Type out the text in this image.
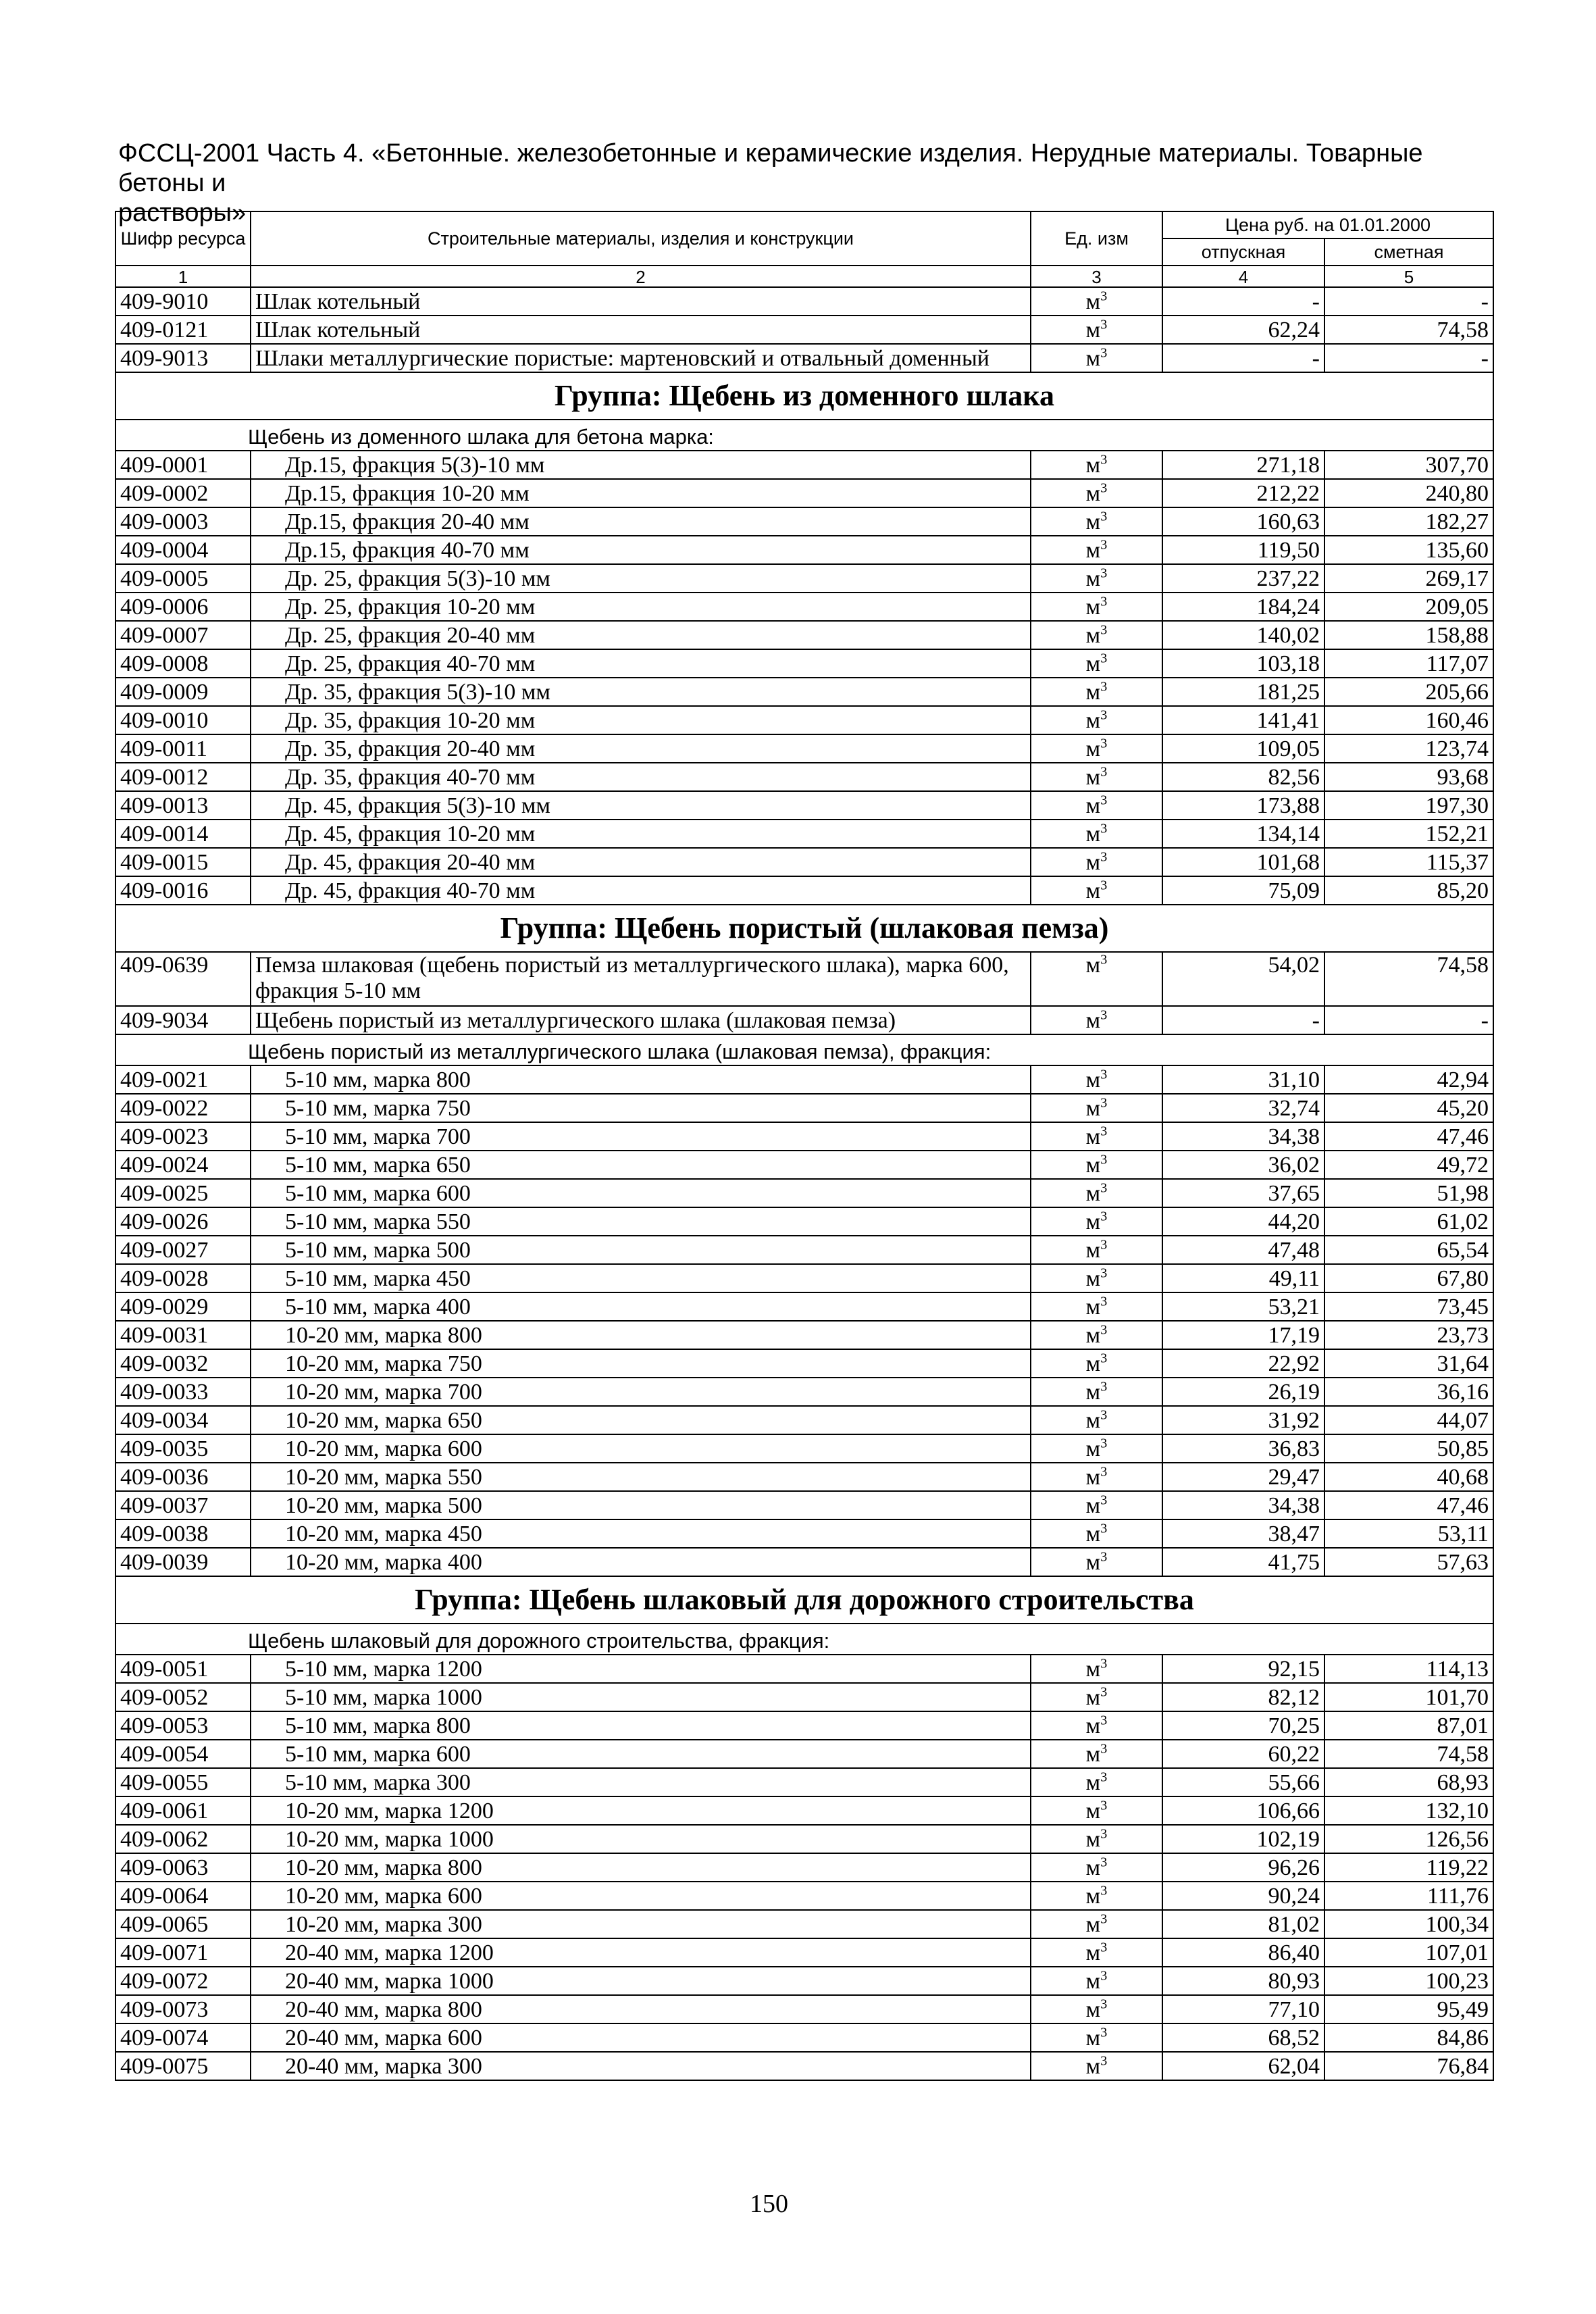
ФССЦ-2001 Часть 4. «Бетонные. железобетонные и керамические изделия. Нерудные материалы. Товарные бетоны и
растворы»
Шифр ресурса	Строительные материалы, изделия и конструкции	Ед. изм	Цена руб. на 01.01.2000	
			отпускная	сметная
1	2	3	4	5
409-9010	Шлак котельный	$м^3$	-	-
409-0121	Шлак котельный	$м^3$	62,24	74,58
409-9013	Шлаки металлургические пористые: мартеновский и отвальный доменный	$м^3$	-	-
Группа: Щебень из доменного шлака				
Щебень из доменного шлака для бетона марка:				
409-0001	Др.15, фракция 5(3)-10 мм	$м^3$	271,18	307,70
409-0002	Др.15, фракция 10-20 мм	$м^3$	212,22	240,80
409-0003	Др.15, фракция 20-40 мм	$м^3$	160,63	182,27
409-0004	Др.15, фракция 40-70 мм	$м^3$	119,50	135,60
409-0005	Др. 25, фракция 5(3)-10 мм	$м^3$	237,22	269,17
409-0006	Др. 25, фракция 10-20 мм	$м^3$	184,24	209,05
409-0007	Др. 25, фракция 20-40 мм	$м^3$	140,02	158,88
409-0008	Др. 25, фракция 40-70 мм	$м^3$	103,18	117,07
409-0009	Др. 35, фракция 5(3)-10 мм	$м^3$	181,25	205,66
409-0010	Др. 35, фракция 10-20 мм	$м^3$	141,41	160,46
409-0011	Др. 35, фракция 20-40 мм	$м^3$	109,05	123,74
409-0012	Др. 35, фракция 40-70 мм	$м^3$	82,56	93,68
409-0013	Др. 45, фракция 5(3)-10 мм	$м^3$	173,88	197,30
409-0014	Др. 45, фракция 10-20 мм	$м^3$	134,14	152,21
409-0015	Др. 45, фракция 20-40 мм	$м^3$	101,68	115,37
409-0016	Др. 45, фракция 40-70 мм	$м^3$	75,09	85,20
Группа: Щебень пористый (шлаковая пемза)				
409-0639	Пемза шлаковая (щебень пористый из металлургического шлака), марка 600, фракция 5-10 мм	$м^3$	54,02	74,58
409-9034	Щебень пористый из металлургического шлака (шлаковая пемза)	$м^3$	-	-
Щебень пористый из металлургического шлака (шлаковая пемза), фракция:				
409-0021	5-10 мм, марка 800	$м^3$	31,10	42,94
409-0022	5-10 мм, марка 750	$м^3$	32,74	45,20
409-0023	5-10 мм, марка 700	$м^3$	34,38	47,46
409-0024	5-10 мм, марка 650	$м^3$	36,02	49,72
409-0025	5-10 мм, марка 600	$м^3$	37,65	51,98
409-0026	5-10 мм, марка 550	$м^3$	44,20	61,02
409-0027	5-10 мм, марка 500	$м^3$	47,48	65,54
409-0028	5-10 мм, марка 450	$м^3$	49,11	67,80
409-0029	5-10 мм, марка 400	$м^3$	53,21	73,45
409-0031	10-20 мм, марка 800	$м^3$	17,19	23,73
409-0032	10-20 мм, марка 750	$м^3$	22,92	31,64
409-0033	10-20 мм, марка 700	$м^3$	26,19	36,16
409-0034	10-20 мм, марка 650	$м^3$	31,92	44,07
409-0035	10-20 мм, марка 600	$м^3$	36,83	50,85
409-0036	10-20 мм, марка 550	$м^3$	29,47	40,68
409-0037	10-20 мм, марка 500	$м^3$	34,38	47,46
409-0038	10-20 мм, марка 450	$м^3$	38,47	53,11
409-0039	10-20 мм, марка 400	$м^3$	41,75	57,63
Группа: Щебень шлаковый для дорожного строительства				
Щебень шлаковый для дорожного строительства, фракция:				
409-0051	5-10 мм, марка 1200	$м^3$	92,15	114,13
409-0052	5-10 мм, марка 1000	$м^3$	82,12	101,70
409-0053	5-10 мм, марка 800	$м^3$	70,25	87,01
409-0054	5-10 мм, марка 600	$м^3$	60,22	74,58
409-0055	5-10 мм, марка 300	$м^3$	55,66	68,93
409-0061	10-20 мм, марка 1200	$м^3$	106,66	132,10
409-0062	10-20 мм, марка 1000	$м^3$	102,19	126,56
409-0063	10-20 мм, марка 800	$м^3$	96,26	119,22
409-0064	10-20 мм, марка 600	$м^3$	90,24	111,76
409-0065	10-20 мм, марка 300	$м^3$	81,02	100,34
409-0071	20-40 мм, марка 1200	$м^3$	86,40	107,01
409-0072	20-40 мм, марка 1000	$м^3$	80,93	100,23
409-0073	20-40 мм, марка 800	$м^3$	77,10	95,49
409-0074	20-40 мм, марка 600	$м^3$	68,52	84,86
409-0075	20-40 мм, марка 300	$м^3$	62,04	76,84
150
